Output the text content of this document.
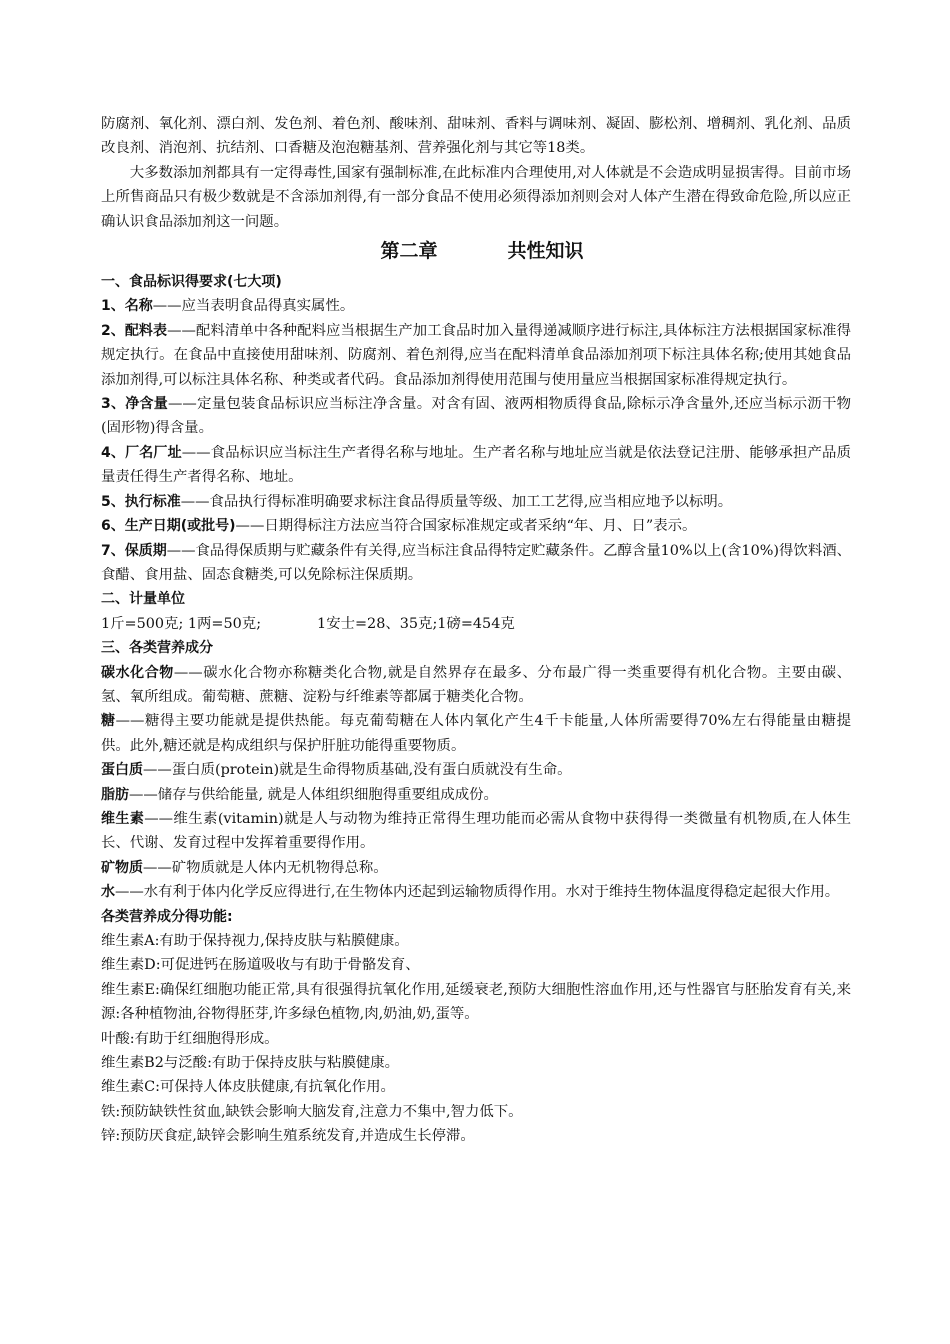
防腐剂、氧化剂、漂白剂、发色剂、着色剂、酸味剂、甜味剂、香料与调味剂、凝固、膨松剂、增稠剂、乳化剂、品质改良剂、消泡剂、抗结剂、口香糖及泡泡糖基剂、营养强化剂与其它等18类。

大多数添加剂都具有一定得毒性,国家有强制标准,在此标准内合理使用,对人体就是不会造成明显损害得。目前市场上所售商品只有极少数就是不含添加剂得,有一部分食品不使用必须得添加剂则会对人体产生潜在得致命危险,所以应正确认识食品添加剂这一问题。

第二章	共性知识

一、食品标识得要求(七大项)

1、名称——应当表明食品得真实属性。

2、配料表——配料清单中各种配料应当根据生产加工食品时加入量得递减顺序进行标注,具体标注方法根据国家标准得规定执行。在食品中直接使用甜味剂、防腐剂、着色剂得,应当在配料清单食品添加剂项下标注具体名称;使用其她食品添加剂得,可以标注具体名称、种类或者代码。食品添加剂得使用范围与使用量应当根据国家标准得规定执行。

3、净含量——定量包装食品标识应当标注净含量。对含有固、液两相物质得食品,除标示净含量外,还应当标示沥干物(固形物)得含量。

4、厂名厂址——食品标识应当标注生产者得名称与地址。生产者名称与地址应当就是依法登记注册、能够承担产品质量责任得生产者得名称、地址。

5、执行标准——食品执行得标准明确要求标注食品得质量等级、加工工艺得,应当相应地予以标明。

6、生产日期(或批号)——日期得标注方法应当符合国家标准规定或者采纳“年、月、日”表示。

7、保质期——食品得保质期与贮藏条件有关得,应当标注食品得特定贮藏条件。乙醇含量10%以上(含10%)得饮料酒、食醋、食用盐、固态食糖类,可以免除标注保质期。

二、计量单位

1斤=500克; 1两=50克;	1安士=28、35克;1磅=454克

三、各类营养成分

碳水化合物——碳水化合物亦称糖类化合物,就是自然界存在最多、分布最广得一类重要得有机化合物。主要由碳、氢、氧所组成。葡萄糖、蔗糖、淀粉与纤维素等都属于糖类化合物。

糖——糖得主要功能就是提供热能。每克葡萄糖在人体内氧化产生4千卡能量,人体所需要得70%左右得能量由糖提供。此外,糖还就是构成组织与保护肝脏功能得重要物质。

蛋白质——蛋白质(protein)就是生命得物质基础,没有蛋白质就没有生命。

脂肪——储存与供给能量, 就是人体组织细胞得重要组成成份。

维生素——维生素(vitamin)就是人与动物为维持正常得生理功能而必需从食物中获得得一类微量有机物质,在人体生长、代谢、发育过程中发挥着重要得作用。

矿物质——矿物质就是人体内无机物得总称。

水——水有利于体内化学反应得进行,在生物体内还起到运输物质得作用。水对于维持生物体温度得稳定起很大作用。

各类营养成分得功能:

维生素A:有助于保持视力,保持皮肤与粘膜健康。

维生素D:可促进钙在肠道吸收与有助于骨骼发育、

维生素E:确保红细胞功能正常,具有很强得抗氧化作用,延缓衰老,预防大细胞性溶血作用,还与性器官与胚胎发育有关,来源:各种植物油,谷物得胚芽,许多绿色植物,肉,奶油,奶,蛋等。

叶酸:有助于红细胞得形成。

维生素B2与泛酸:有助于保持皮肤与粘膜健康。

维生素C:可保持人体皮肤健康,有抗氧化作用。

铁:预防缺铁性贫血,缺铁会影响大脑发育,注意力不集中,智力低下。

锌:预防厌食症,缺锌会影响生殖系统发育,并造成生长停滞。
